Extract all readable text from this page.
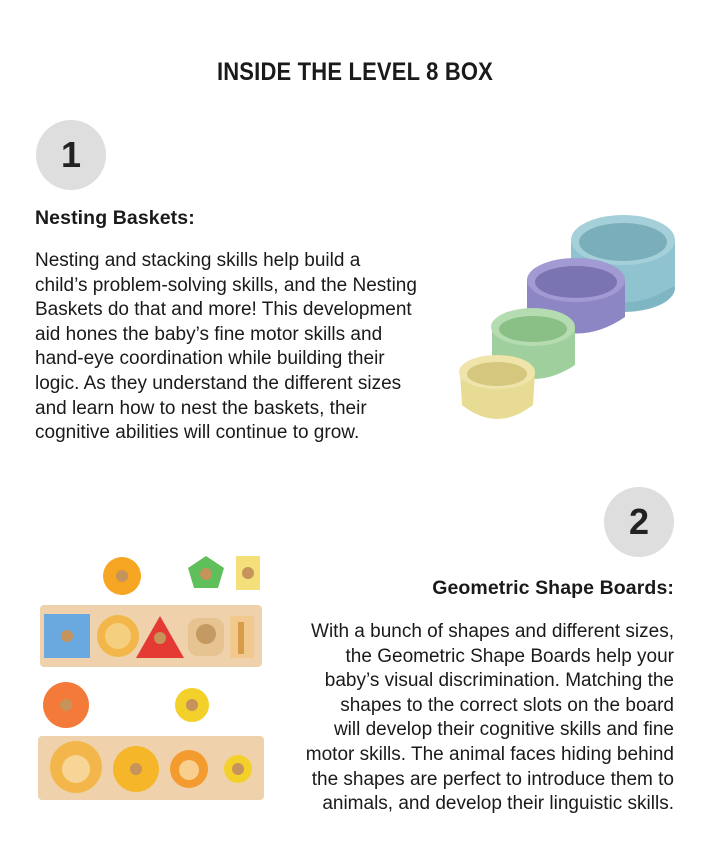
INSIDE THE LEVEL 8 BOX
1
Nesting Baskets:
Nesting and stacking skills help build a
child’s problem-solving skills, and the Nesting
Baskets do that and more! This development
aid hones the baby’s fine motor skills and
hand-eye coordination while building their
logic. As they understand the different sizes
and learn how to nest the baskets, their
cognitive abilities will continue to grow.
2
Geometric Shape Boards:
With a bunch of shapes and different sizes,
the Geometric Shape Boards help your
baby’s visual discrimination. Matching the
shapes to the correct slots on the board
will develop their cognitive skills and fine
motor skills. The animal faces hiding behind
the shapes are perfect to introduce them to
animals, and develop their linguistic skills.
